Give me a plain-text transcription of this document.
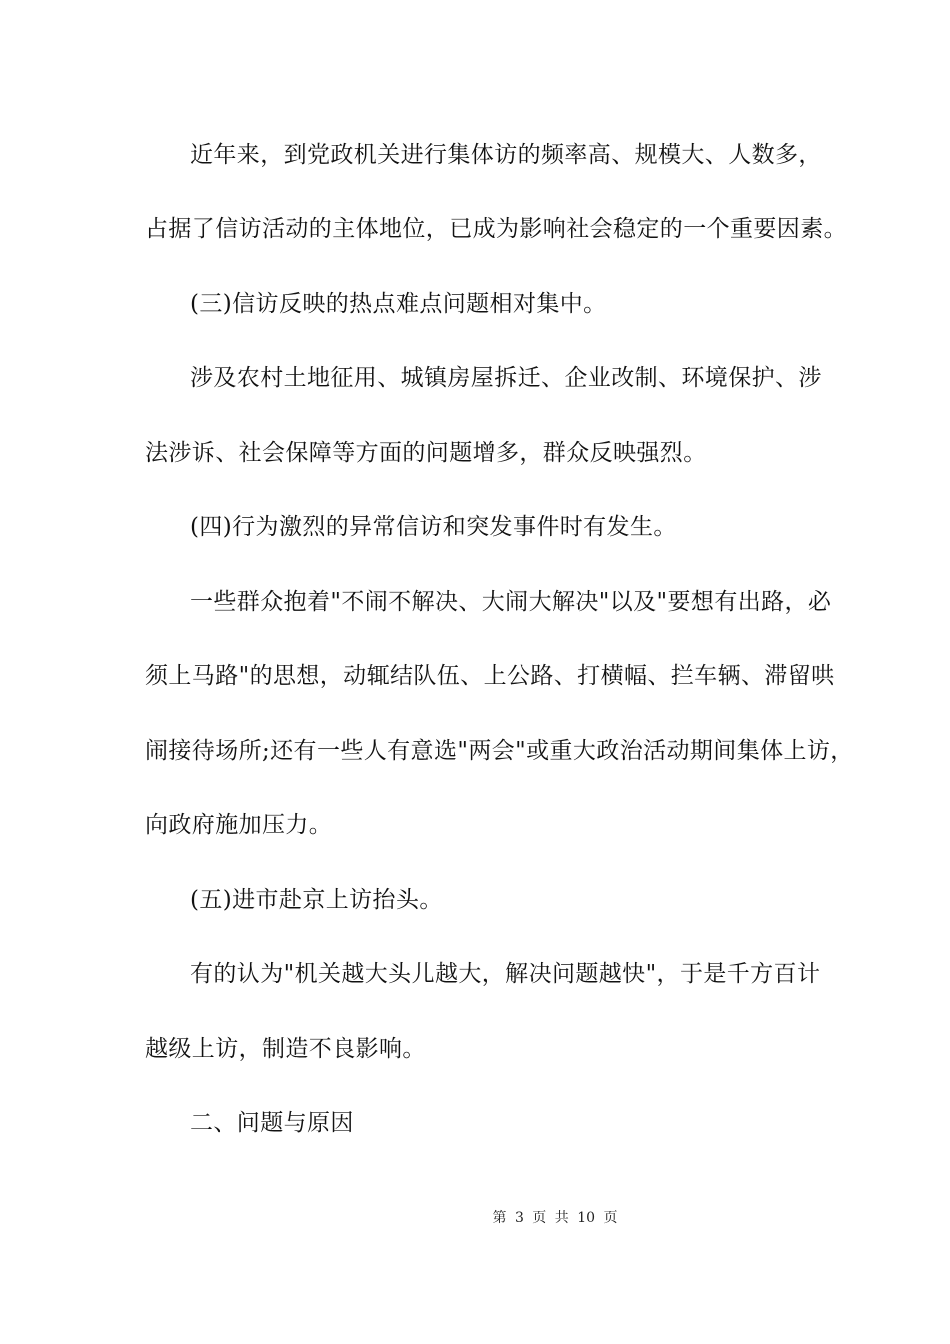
近年来，到党政机关进行集体访的频率高、规模大、人数多，
占据了信访活动的主体地位，已成为影响社会稳定的一个重要因素。
(三)信访反映的热点难点问题相对集中。
涉及农村土地征用、城镇房屋拆迁、企业改制、环境保护、涉
法涉诉、社会保障等方面的问题增多，群众反映强烈。
(四)行为激烈的异常信访和突发事件时有发生。
一些群众抱着"不闹不解决、大闹大解决"以及"要想有出路，必
须上马路"的思想，动辄结队伍、上公路、打横幅、拦车辆、滞留哄
闹接待场所;还有一些人有意选"两会"或重大政治活动期间集体上访，
向政府施加压力。
(五)进市赴京上访抬头。
有的认为"机关越大头儿越大，解决问题越快"，于是千方百计
越级上访，制造不良影响。
二、问题与原因
第 3 页 共 10 页
